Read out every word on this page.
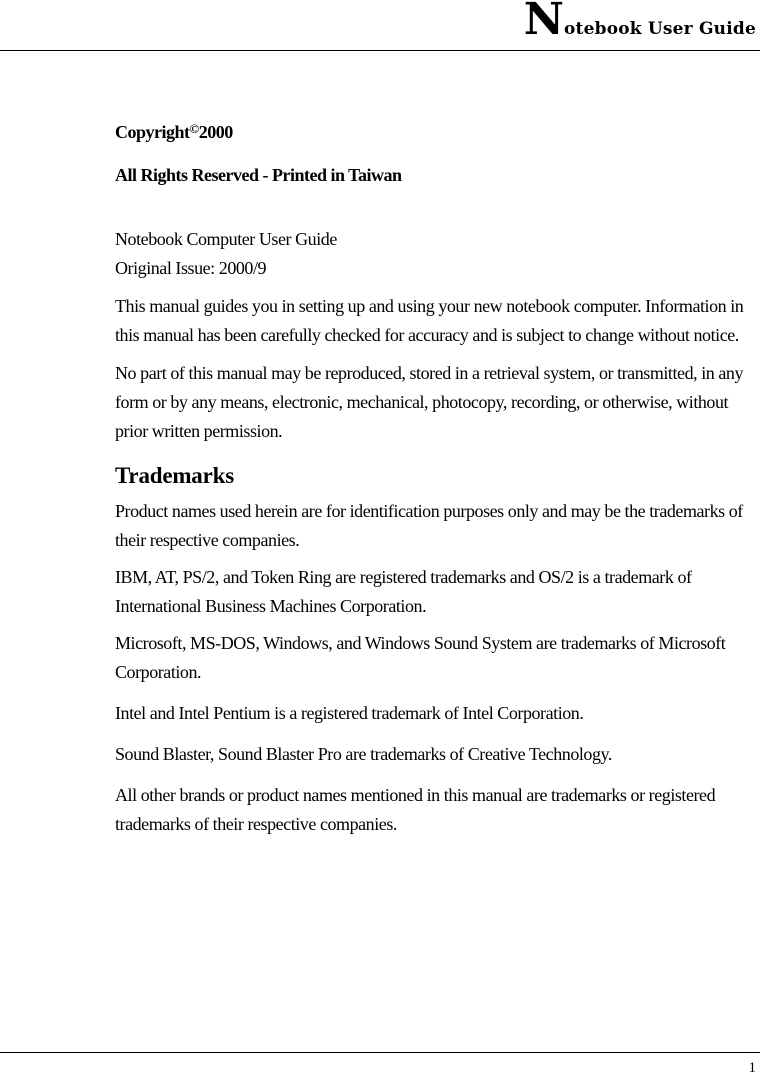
Notebook User Guide

Copyright©2000

All Rights Reserved - Printed in Taiwan

Notebook Computer User Guide

Original Issue: 2000/9

This manual guides you in setting up and using your new notebook computer. Information in this manual has been carefully checked for accuracy and is subject to change without notice.

No part of this manual may be reproduced, stored in a retrieval system, or transmitted, in any form or by any means, electronic, mechanical, photocopy, recording, or otherwise, without prior written permission.

Trademarks

Product names used herein are for identification purposes only and may be the trademarks of their respective companies.

IBM, AT, PS/2, and Token Ring are registered trademarks and OS/2 is a trademark of International Business Machines Corporation.

Microsoft, MS-DOS, Windows, and Windows Sound System are trademarks of Microsoft Corporation.

Intel and Intel Pentium is a registered trademark of Intel Corporation.

Sound Blaster, Sound Blaster Pro are trademarks of Creative Technology.

All other brands or product names mentioned in this manual are trademarks or registered trademarks of their respective companies.

1
